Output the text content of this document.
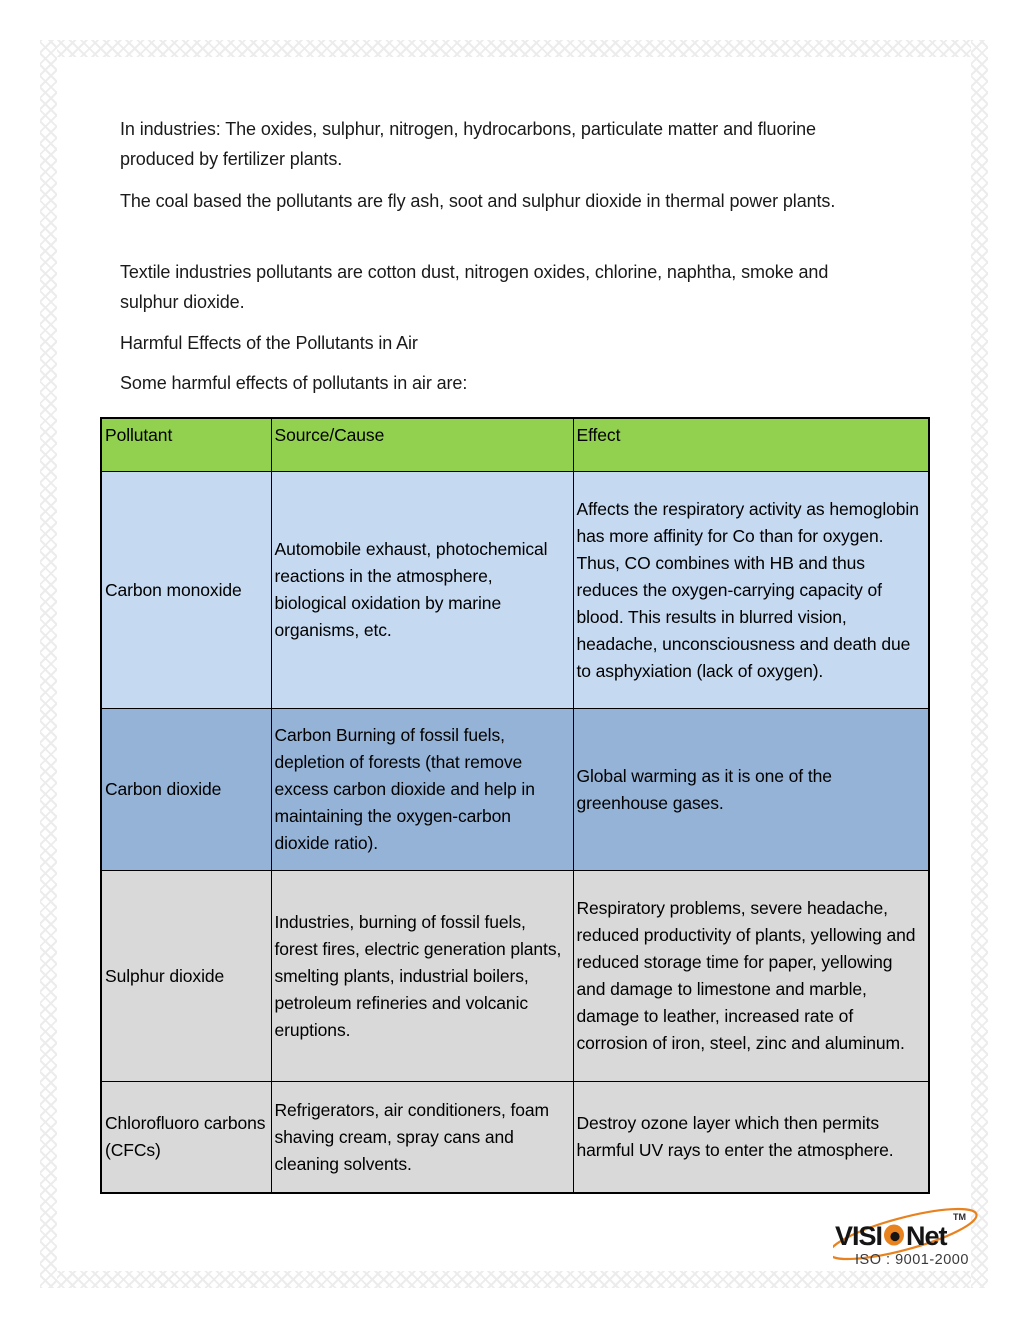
In industries: The oxides, sulphur, nitrogen, hydrocarbons, particulate matter and fluorine produced by fertilizer plants.
The coal based the pollutants are fly ash, soot and sulphur dioxide in thermal power plants.
Textile industries pollutants are cotton dust, nitrogen oxides, chlorine, naphtha, smoke and sulphur dioxide.
Harmful Effects of the Pollutants in Air
Some harmful effects of pollutants in air are:
Pollutant	Source/Cause	Effect
Carbon monoxide	Automobile exhaust, photochemical reactions in the atmosphere, biological oxidation by marine organisms, etc.	Affects the respiratory activity as hemoglobin has more affinity for Co than for oxygen. Thus, CO combines with HB and thus reduces the oxygen-carrying capacity of blood. This results in blurred vision, headache, unconsciousness and death due to asphyxiation (lack of oxygen).
Carbon dioxide	Carbon Burning of fossil fuels, depletion of forests (that remove excess carbon dioxide and help in maintaining the oxygen-carbon dioxide ratio).	Global warming as it is one of the greenhouse gases.
Sulphur dioxide	Industries, burning of fossil fuels, forest fires, electric generation plants, smelting plants, industrial boilers, petroleum refineries and volcanic eruptions.	Respiratory problems, severe headache, reduced productivity of plants, yellowing and reduced storage time for paper, yellowing and damage to limestone and marble, damage to leather, increased rate of corrosion of iron, steel, zinc and aluminum.
Chlorofluoro carbons (CFCs)	Refrigerators, air conditioners, foam shaving cream, spray cans and cleaning solvents.	Destroy ozone layer which then permits harmful UV rays to enter the atmosphere.
VISI Net
TM
ISO : 9001-2000
